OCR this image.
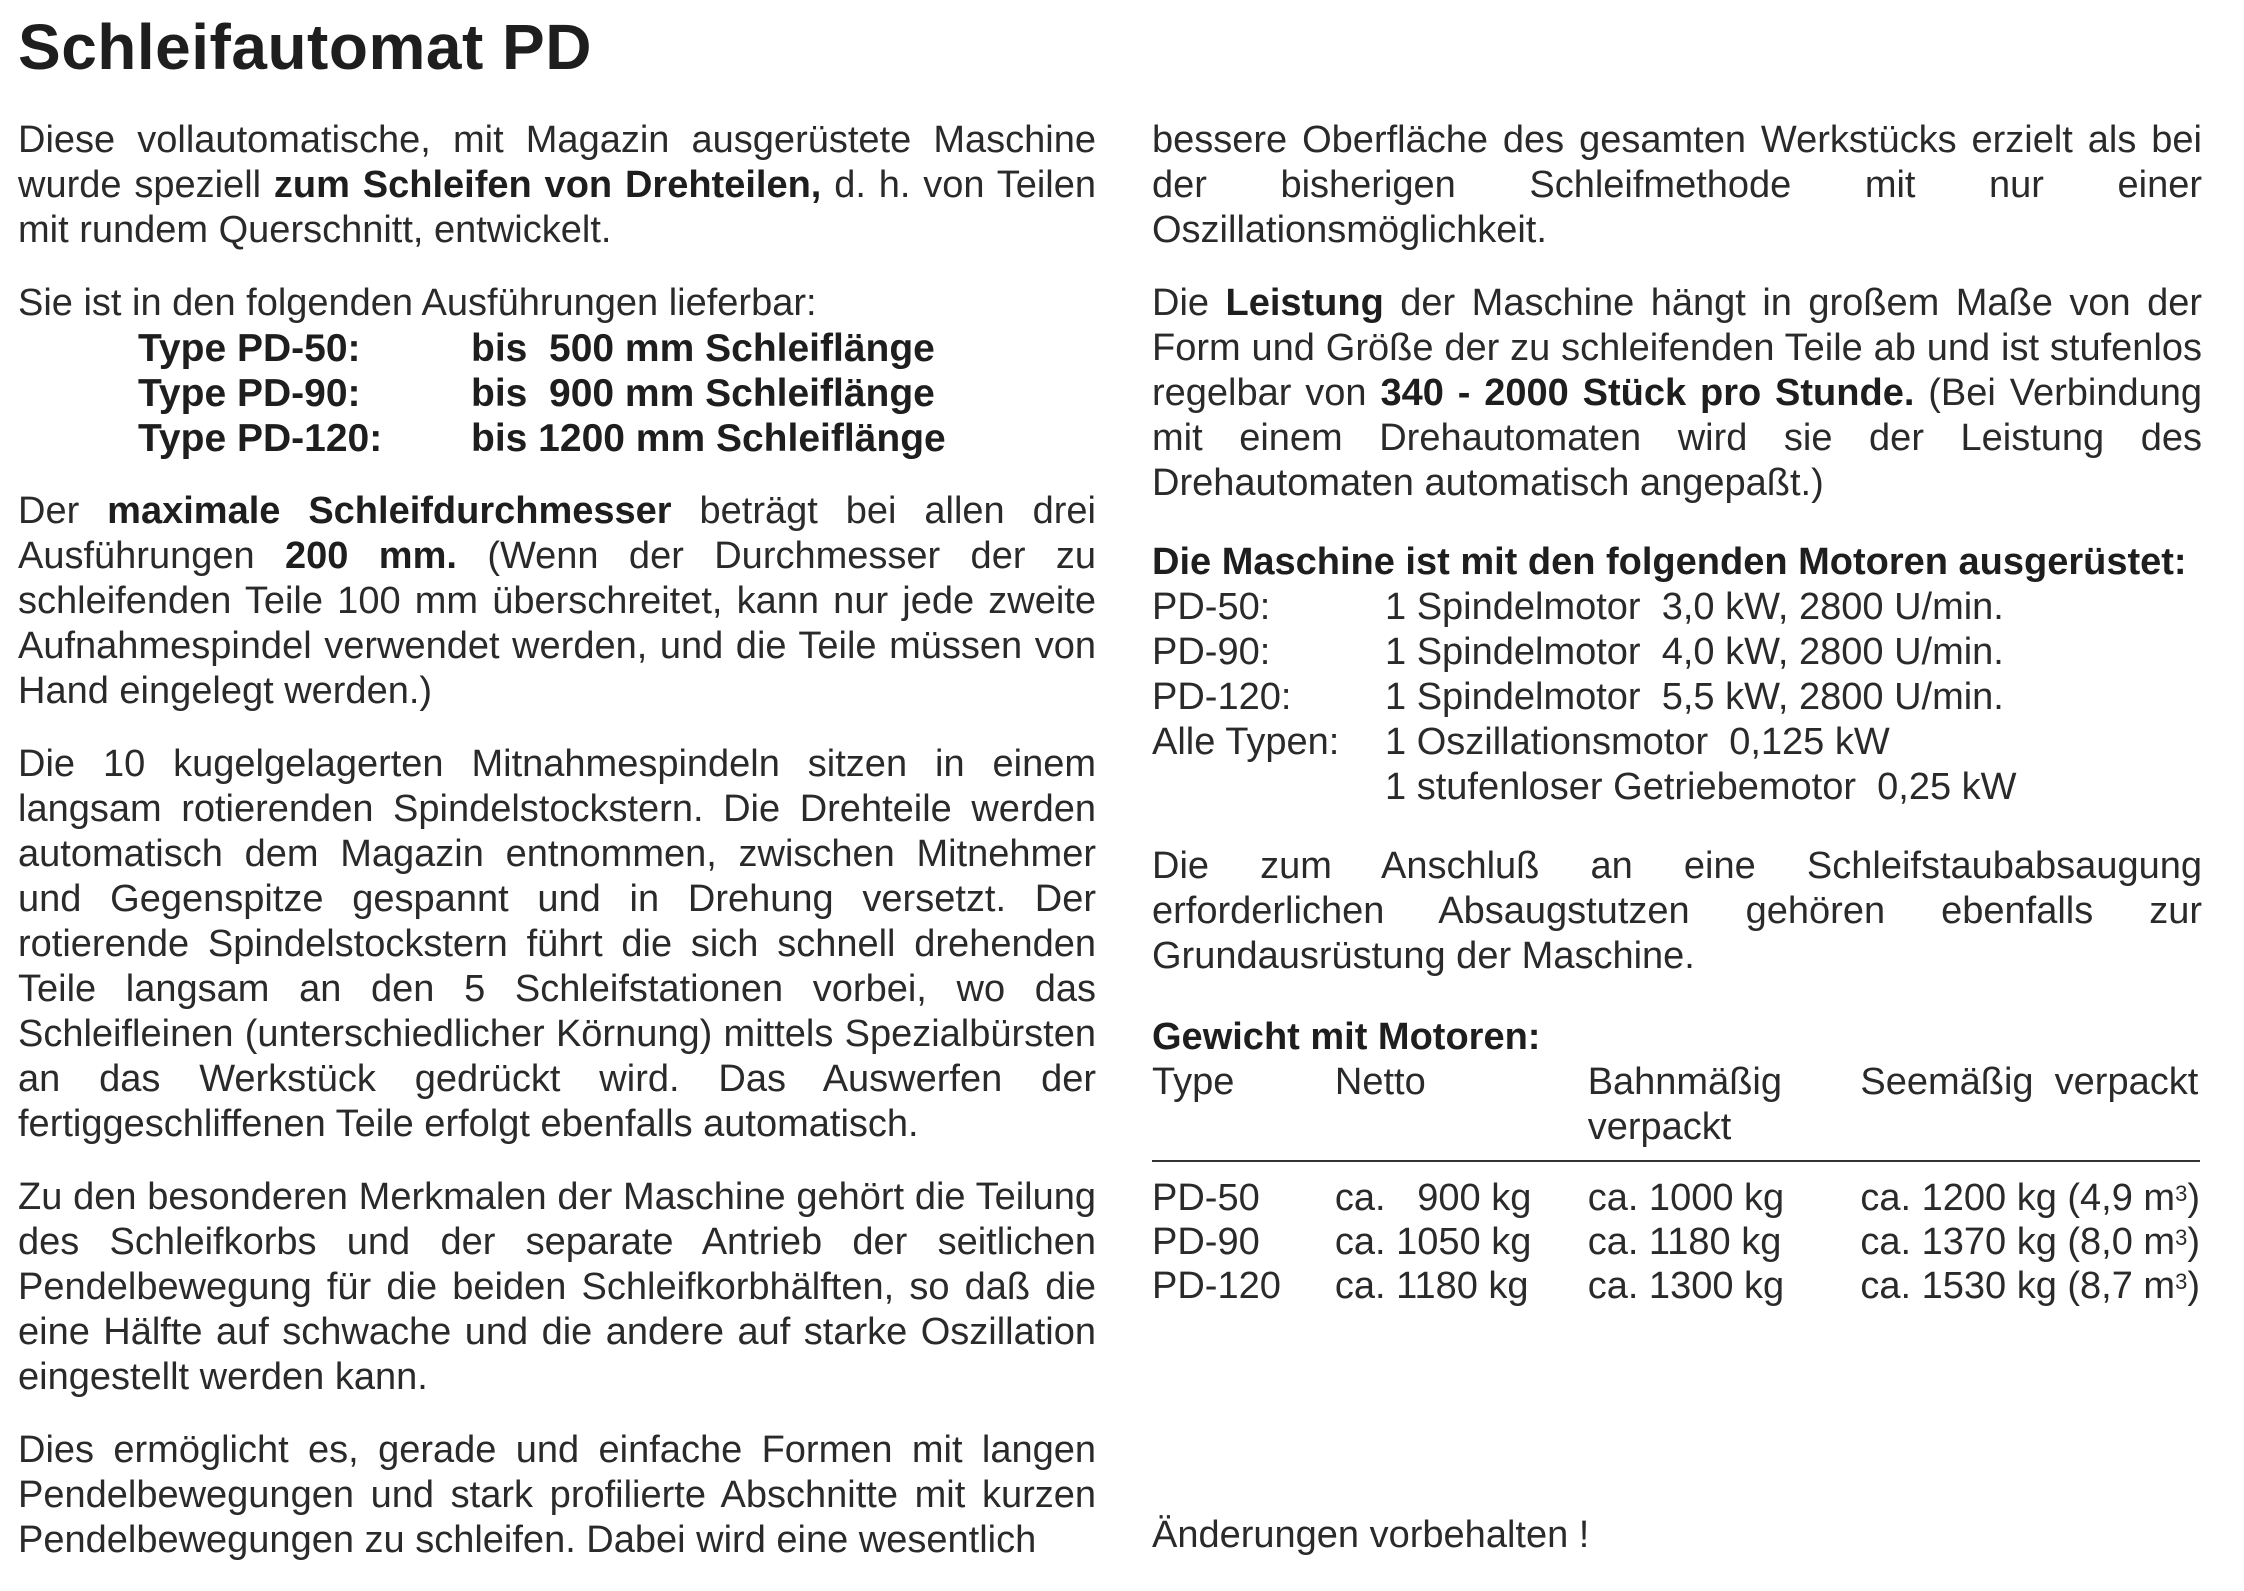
Schleifautomat PD

Diese vollautomatische, mit Magazin ausgerüstete Maschine wurde speziell zum Schleifen von Drehteilen, d. h. von Teilen mit rundem Querschnitt, entwickelt.

Sie ist in den folgenden Ausführungen lieferbar:

Type PD-50:	bis  500 mm Schleiflänge
Type PD-90:	bis  900 mm Schleiflänge
Type PD-120:	bis 1200 mm Schleiflänge

Der maximale Schleifdurchmesser beträgt bei allen drei Ausführungen 200 mm. (Wenn der Durchmesser der zu schleifenden Teile 100 mm überschreitet, kann nur jede zweite Aufnahmespindel verwendet werden, und die Teile müssen von Hand eingelegt werden.)

Die 10 kugelgelagerten Mitnahmespindeln sitzen in einem langsam rotierenden Spindelstockstern. Die Drehteile werden automatisch dem Magazin entnommen, zwischen Mitnehmer und Gegenspitze gespannt und in Drehung versetzt. Der rotierende Spindelstockstern führt die sich schnell drehenden Teile langsam an den 5 Schleifstationen vorbei, wo das Schleifleinen (unterschiedlicher Körnung) mittels Spezialbürsten an das Werkstück gedrückt wird. Das Auswerfen der fertiggeschliffenen Teile erfolgt ebenfalls automatisch.

Zu den besonderen Merkmalen der Maschine gehört die Teilung des Schleifkorbs und der separate Antrieb der seitlichen Pendelbewegung für die beiden Schleifkorbhälften, so daß die eine Hälfte auf schwache und die andere auf starke Oszillation eingestellt werden kann.

Dies ermöglicht es, gerade und einfache Formen mit langen Pendelbewegungen und stark profilierte Abschnitte mit kurzen Pendelbewegungen zu schleifen. Dabei wird eine wesentlich

bessere Oberfläche des gesamten Werkstücks erzielt als bei der bisherigen Schleifmethode mit nur einer Oszillationsmöglichkeit.

Die Leistung der Maschine hängt in großem Maße von der Form und Größe der zu schleifenden Teile ab und ist stufenlos regelbar von 340 - 2000 Stück pro Stunde. (Bei Verbindung mit einem Drehautomaten wird sie der Leistung des Drehautomaten automatisch angepaßt.)

Die Maschine ist mit den folgenden Motoren ausgerüstet:
PD-50:	1 Spindelmotor  3,0 kW, 2800 U/min.
PD-90:	1 Spindelmotor  4,0 kW, 2800 U/min.
PD-120:	1 Spindelmotor  5,5 kW, 2800 U/min.
Alle Typen:	1 Oszillationsmotor  0,125 kW
1 stufenloser Getriebemotor  0,25 kW

Die zum Anschluß an eine Schleifstaubabsaugung erforderlichen Absaugstutzen gehören ebenfalls zur Grundausrüstung der Maschine.

Gewicht mit Motoren:
Type	Netto	Bahnmäßig verpackt	Seemäßig  verpackt
PD-50	ca.   900 kg	ca. 1000 kg	ca. 1200 kg (4,9 $m^3$)
PD-90	ca. 1050 kg	ca. 1180 kg	ca. 1370 kg (8,0 $m^3$)
PD-120	ca. 1180 kg	ca. 1300 kg	ca. 1530 kg (8,7 $m^3$)
Änderungen vorbehalten !
